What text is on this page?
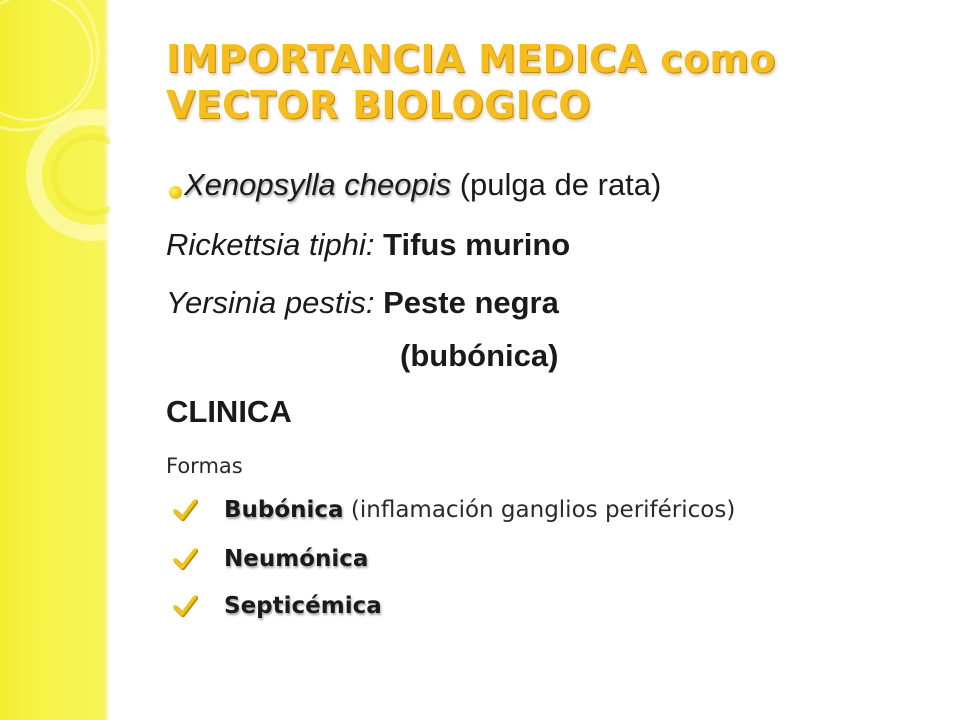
IMPORTANCIA MEDICA como
VECTOR BIOLOGICO
Xenopsylla cheopis (pulga de rata)
Rickettsia tiphi: Tifus murino
Yersinia pestis: Peste negra
(bubónica)
CLINICA
Formas
Bubónica (inflamación ganglios periféricos)
Neumónica
Septicémica
